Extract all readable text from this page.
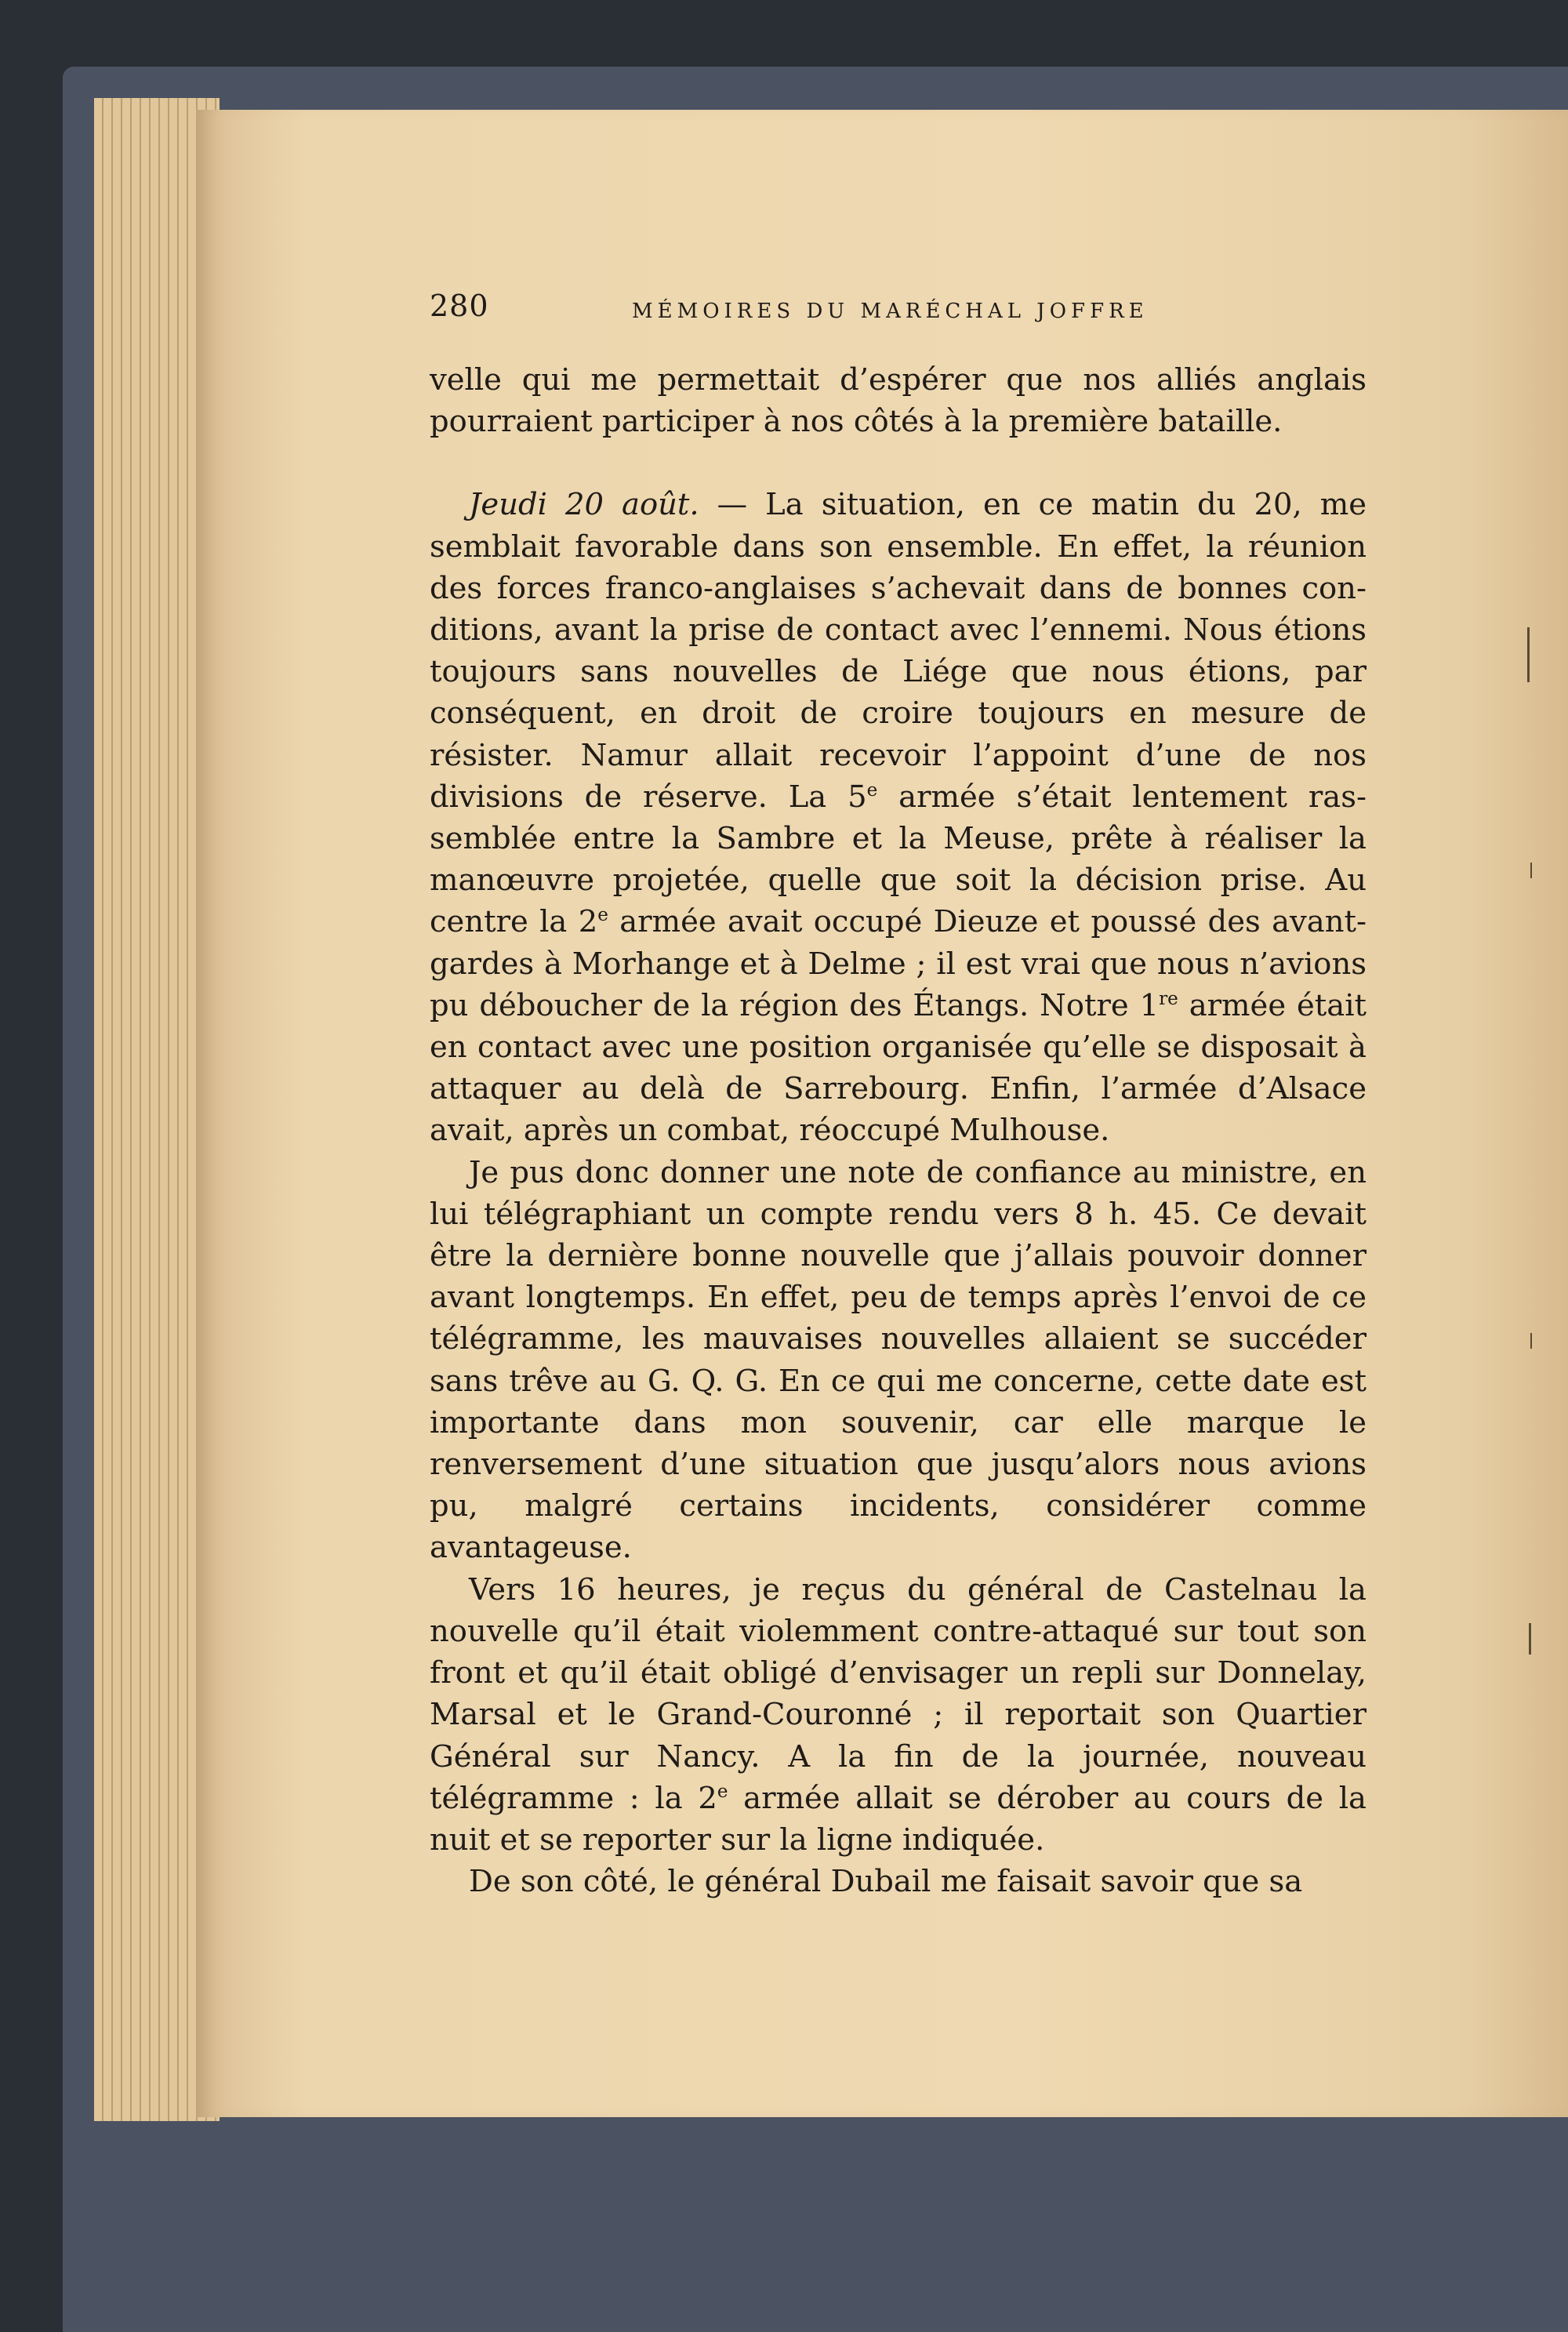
280	MÉMOIRES DU MARÉCHAL JOFFRE

velle qui me permettait d’espérer que nos alliés anglais pourraient participer à nos côtés à la première bataille.

Jeudi 20 août. — La situation, en ce matin du 20, me semblait favorable dans son ensemble. En effet, la réunion des forces franco-anglaises s’achevait dans de bonnes con-ditions, avant la prise de contact avec l’ennemi. Nous étions toujours sans nouvelles de Liége que nous étions, par conséquent, en droit de croire toujours en mesure de résister. Namur allait recevoir l’appoint d’une de nos divisions de réserve. La 5e armée s’était lentement ras-semblée entre la Sambre et la Meuse, prête à réaliser la manœuvre projetée, quelle que soit la décision prise. Au centre la 2e armée avait occupé Dieuze et poussé des avant-gardes à Morhange et à Delme ; il est vrai que nous n’avions pu déboucher de la région des Étangs. Notre 1re armée était en contact avec une position organisée qu’elle se disposait à attaquer au delà de Sarrebourg. Enfin, l’armée d’Alsace avait, après un combat, réoccupé Mulhouse.

Je pus donc donner une note de confiance au ministre, en lui télégraphiant un compte rendu vers 8 h. 45. Ce devait être la dernière bonne nouvelle que j’allais pouvoir donner avant longtemps. En effet, peu de temps après l’envoi de ce télégramme, les mauvaises nouvelles allaient se succéder sans trêve au G. Q. G. En ce qui me concerne, cette date est importante dans mon souvenir, car elle marque le renversement d’une situation que jusqu’alors nous avions pu, malgré certains incidents, considérer comme avantageuse.

Vers 16 heures, je reçus du général de Castelnau la nouvelle qu’il était violemment contre-attaqué sur tout son front et qu’il était obligé d’envisager un repli sur Donnelay, Marsal et le Grand-Couronné ; il reportait son Quartier Général sur Nancy. A la fin de la journée, nouveau télégramme : la 2e armée allait se dérober au cours de la nuit et se reporter sur la ligne indiquée.

De son côté, le général Dubail me faisait savoir que sa
